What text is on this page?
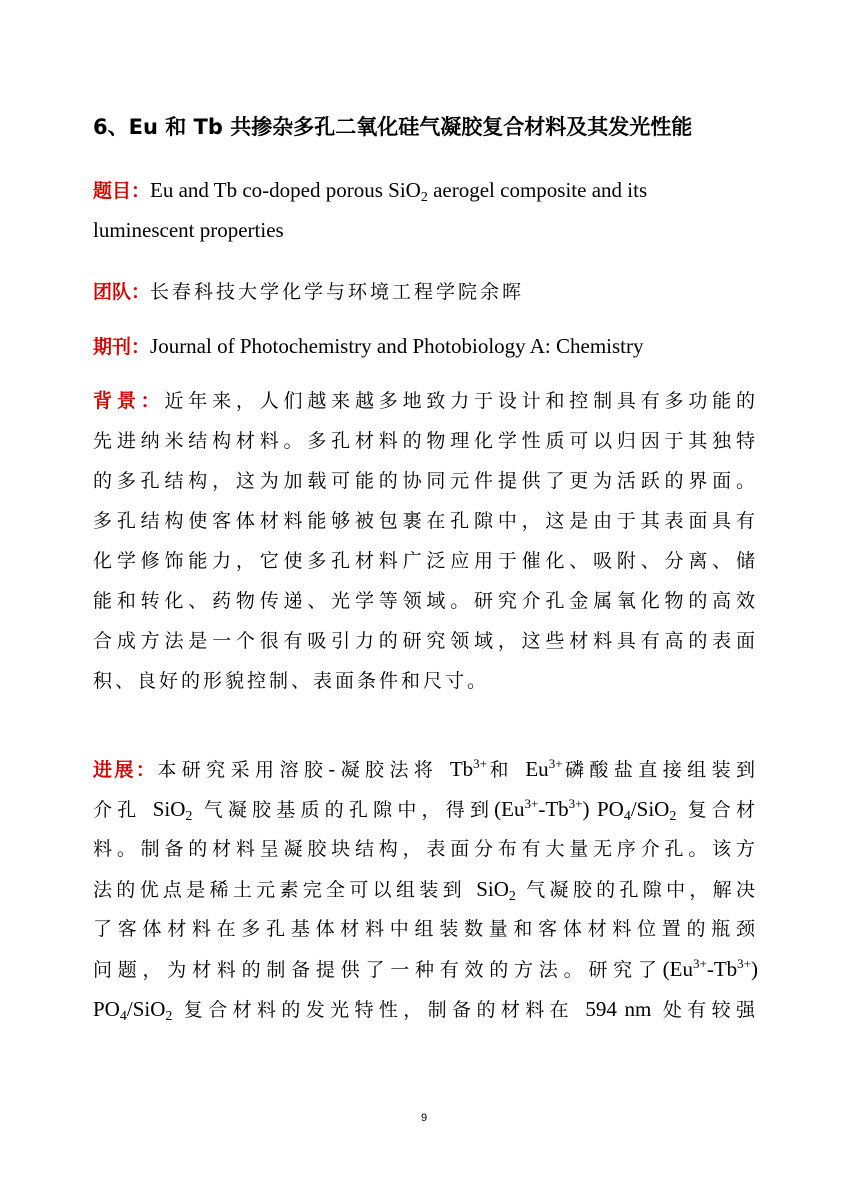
6、Eu 和 Tb 共掺杂多孔二氧化硅气凝胶复合材料及其发光性能
题目：Eu and Tb co-doped porous SiO$_2$ aerogel composite and its
luminescent properties
团队：长春科技大学化学与环境工程学院余晖
期刊：Journal of Photochemistry and Photobiology A: Chemistry
背景：近年来，人们越来越多地致力于设计和控制具有多功能的
先进纳米结构材料。多孔材料的物理化学性质可以归因于其独特
的多孔结构，这为加载可能的协同元件提供了更为活跃的界面。
多孔结构使客体材料能够被包裹在孔隙中，这是由于其表面具有
化学修饰能力，它使多孔材料广泛应用于催化、吸附、分离、储
能和转化、药物传递、光学等领域。研究介孔金属氧化物的高效
合成方法是一个很有吸引力的研究领域，这些材料具有高的表面
积、良好的形貌控制、表面条件和尺寸。
进展：本研究采用溶胶-凝胶法将 $Tb^{3+}$和 $Eu^{3+}$磷酸盐直接组装到
介孔 SiO$_2$ 气凝胶基质的孔隙中，得到$(Eu^{3+}-Tb^{3+})$ $PO_4/SiO_2$ 复合材
料。制备的材料呈凝胶块结构，表面分布有大量无序介孔。该方
法的优点是稀土元素完全可以组装到 SiO$_2$ 气凝胶的孔隙中，解决
了客体材料在多孔基体材料中组装数量和客体材料位置的瓶颈
问题，为材料的制备提供了一种有效的方法。研究了$(Eu^{3+}-Tb^{3+})$
$PO_4/SiO_2$ 复合材料的发光特性，制备的材料在 594 nm 处有较强
9
